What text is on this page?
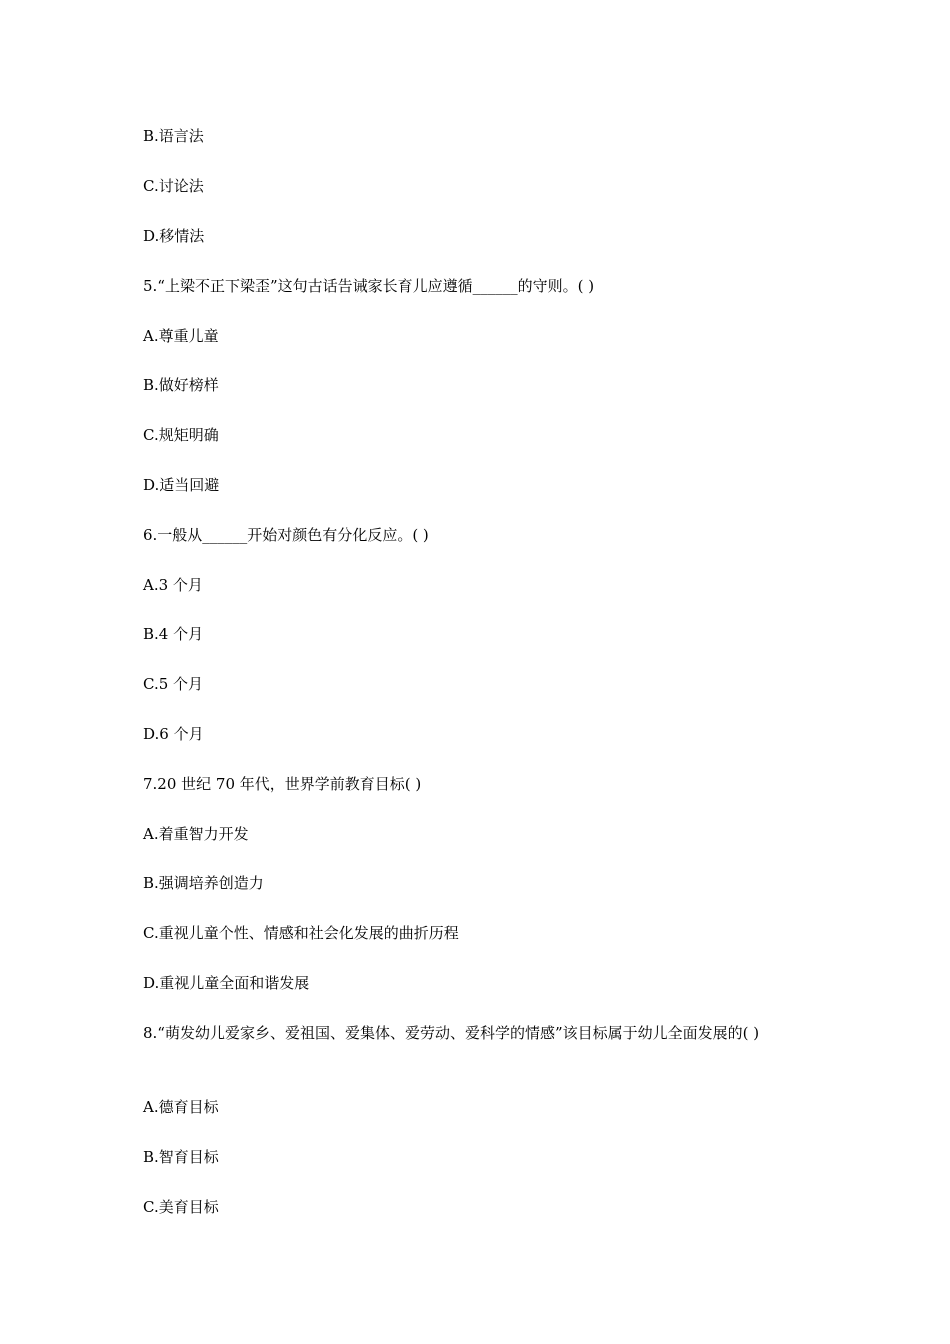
B.语言法
C.讨论法
D.移情法
5.“上梁不正下梁歪”这句古话告诫家长育儿应遵循______的守则。( )
A.尊重儿童
B.做好榜样
C.规矩明确
D.适当回避
6.一般从______开始对颜色有分化反应。( )
A.3 个月
B.4 个月
C.5 个月
D.6 个月
7.20 世纪 70 年代，世界学前教育目标( )
A.着重智力开发
B.强调培养创造力
C.重视儿童个性、情感和社会化发展的曲折历程
D.重视儿童全面和谐发展
8.“萌发幼儿爱家乡、爱祖国、爱集体、爱劳动、爱科学的情感”该目标属于幼儿全面发展的( )
A.德育目标
B.智育目标
C.美育目标
